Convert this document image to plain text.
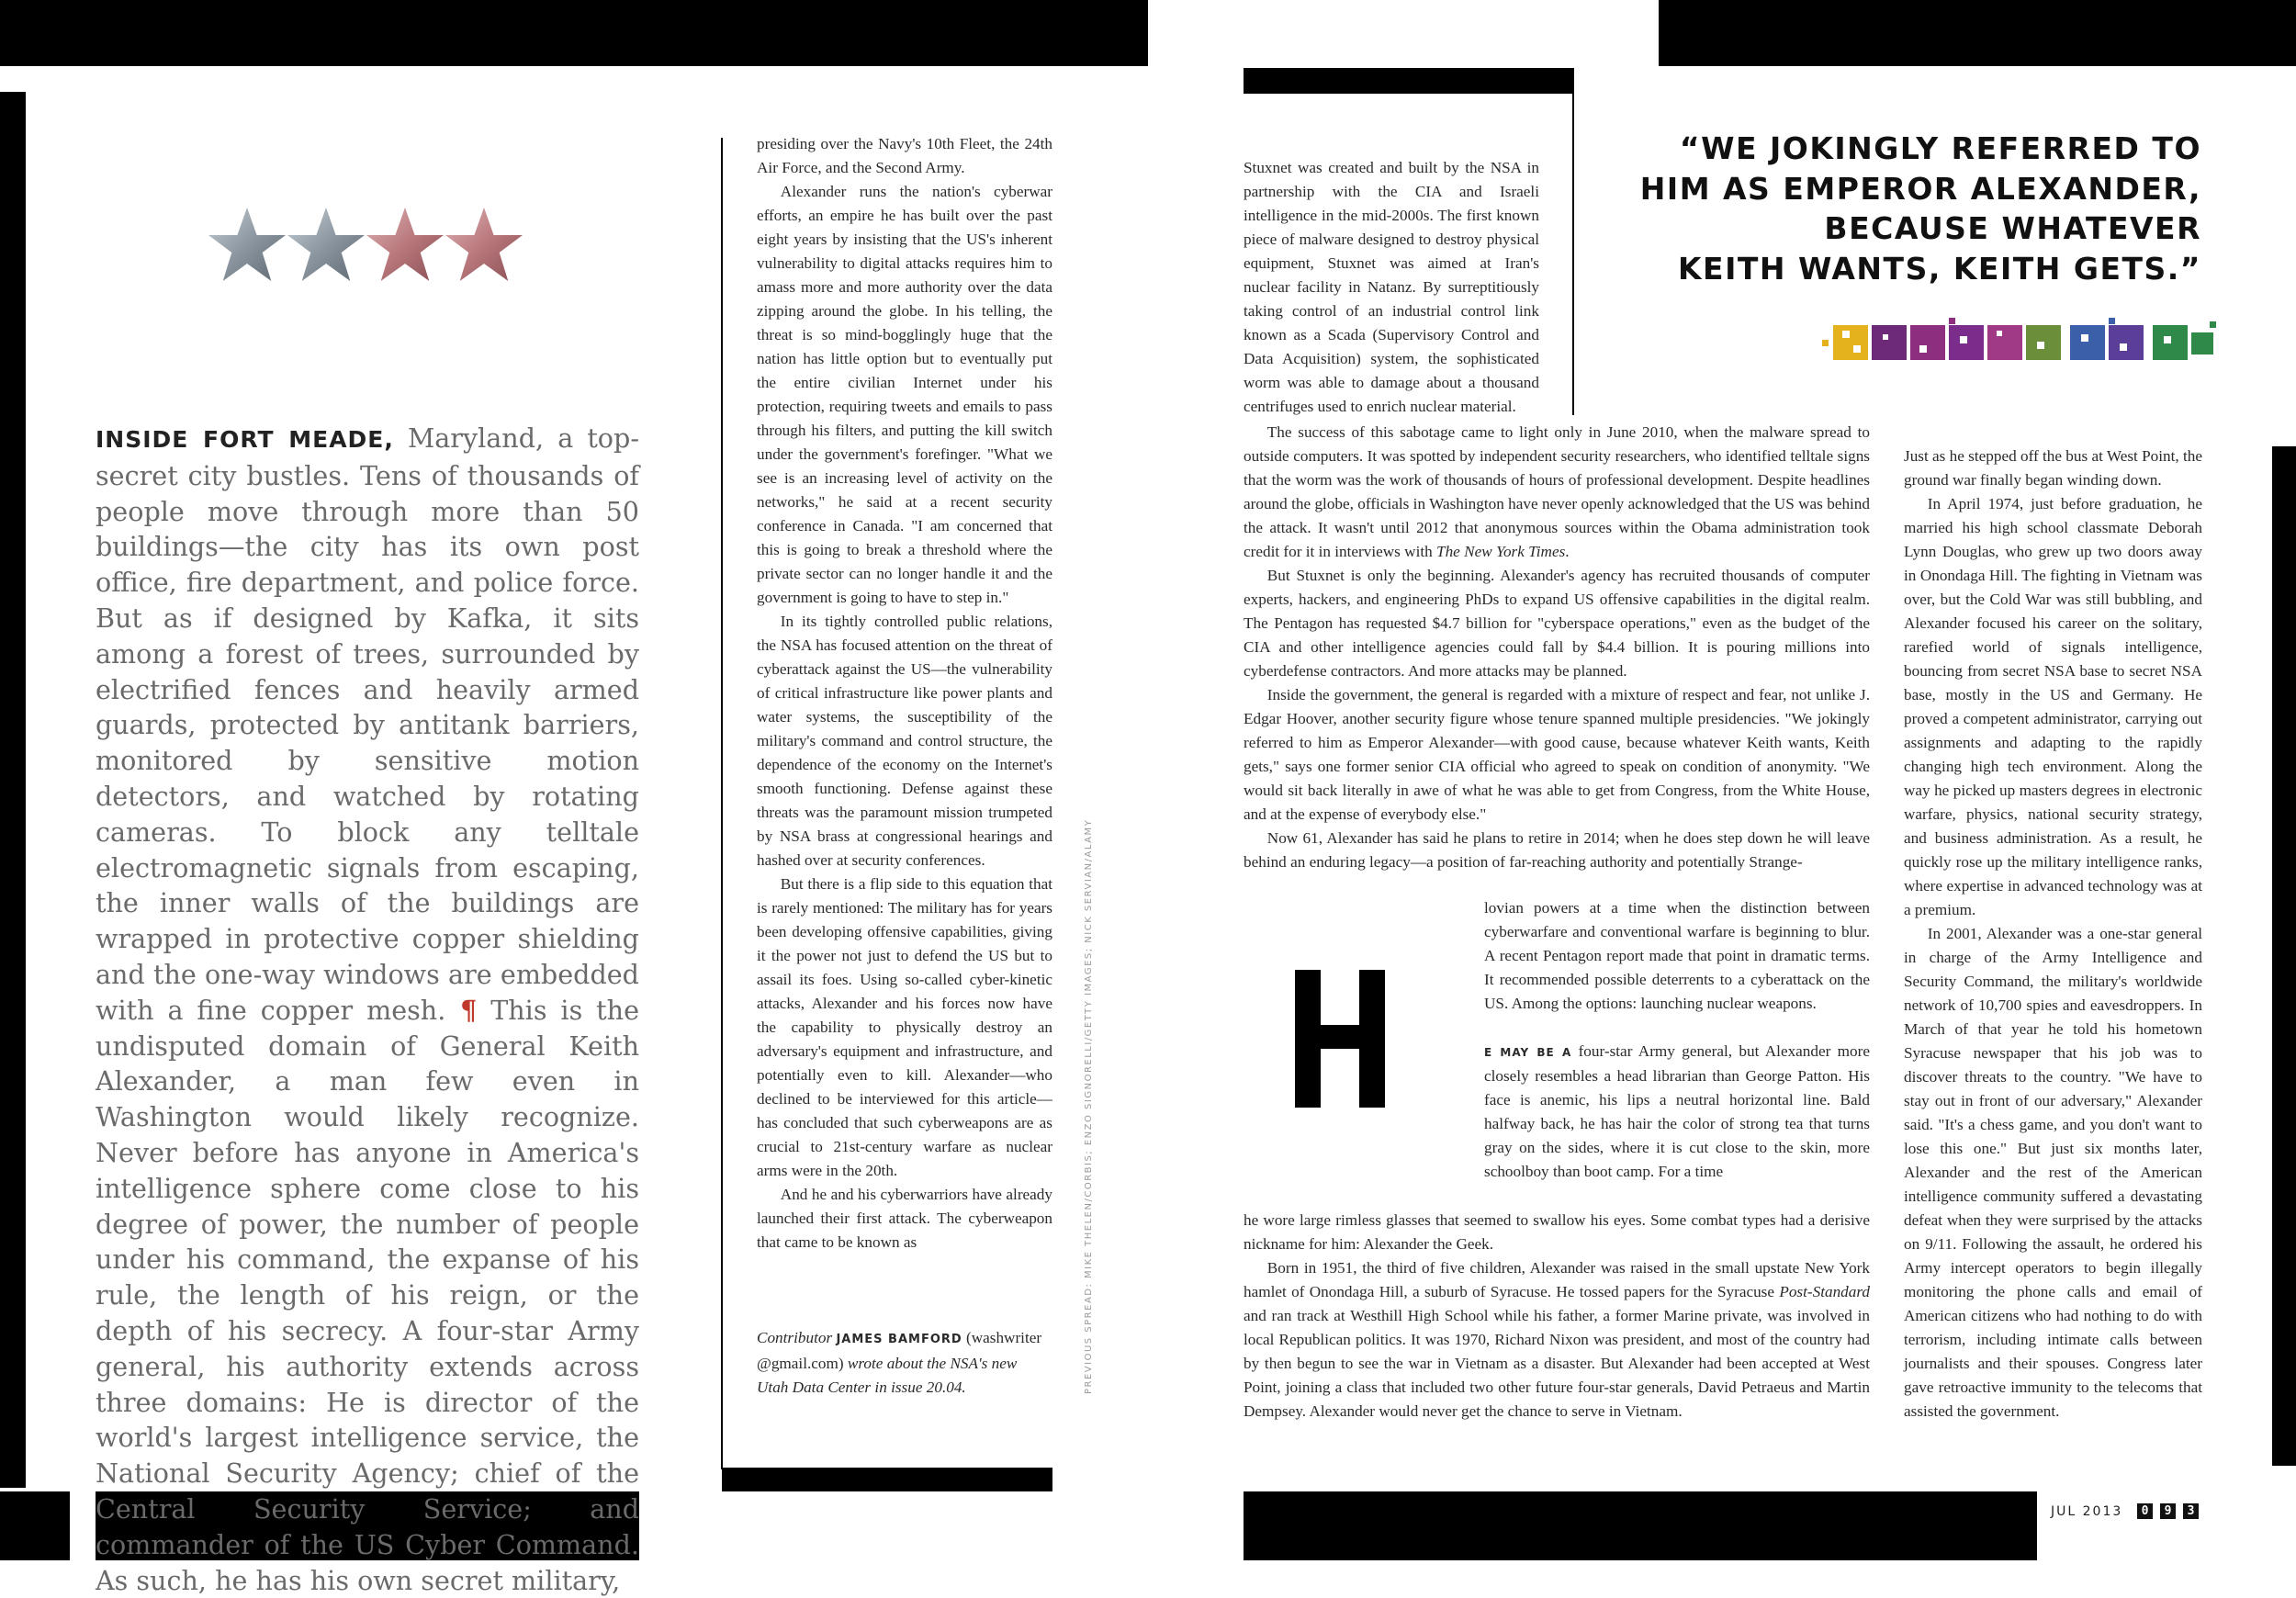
INSIDE FORT MEADE, Maryland, a top-secret city bustles. Tens of thousands of people move through more than 50 buildings—the city has its own post office, fire department, and police force. But as if designed by Kafka, it sits among a forest of trees, surrounded by electrified fences and heavily armed guards, protected by antitank barriers, monitored by sensitive motion detectors, and watched by rotating cameras. To block any telltale electromagnetic signals from escaping, the inner walls of the buildings are wrapped in protective copper shielding and the one-way windows are embedded with a fine copper mesh. ¶ This is the undisputed domain of General Keith Alexander, a man few even in Washington would likely recognize. Never before has anyone in America's intelligence sphere come close to his degree of power, the number of people under his command, the expanse of his rule, the length of his reign, or the depth of his secrecy. A four-star Army general, his authority extends across three domains: He is director of the world's largest intelligence service, the National Security Agency; chief of the Central Security Service; and commander of the US Cyber Command. As such, he has his own secret military,

presiding over the Navy's 10th Fleet, the 24th Air Force, and the Second Army.

Alexander runs the nation's cyberwar efforts, an empire he has built over the past eight years by insisting that the US's inherent vulnerability to digital attacks requires him to amass more and more authority over the data zipping around the globe. In his telling, the threat is so mind-bogglingly huge that the nation has little option but to eventually put the entire civilian Internet under his protection, requiring tweets and emails to pass through his filters, and putting the kill switch under the government's forefinger. "What we see is an increasing level of activity on the networks," he said at a recent security conference in Canada. "I am concerned that this is going to break a threshold where the private sector can no longer handle it and the government is going to have to step in."

In its tightly controlled public relations, the NSA has focused attention on the threat of cyberattack against the US—the vulnerability of critical infrastructure like power plants and water systems, the susceptibility of the military's command and control structure, the dependence of the economy on the Internet's smooth functioning. Defense against these threats was the paramount mission trumpeted by NSA brass at congressional hearings and hashed over at security conferences.

But there is a flip side to this equation that is rarely mentioned: The military has for years been developing offensive capabilities, giving it the power not just to defend the US but to assail its foes. Using so-called cyber-kinetic attacks, Alexander and his forces now have the capability to physically destroy an adversary's equipment and infrastructure, and potentially even to kill. Alexander—who declined to be interviewed for this article—has concluded that such cyberweapons are as crucial to 21st-century warfare as nuclear arms were in the 20th.

And he and his cyberwarriors have already launched their first attack. The cyberweapon that came to be known as

Contributor JAMES BAMFORD (washwriter @gmail.com) wrote about the NSA's new Utah Data Center in issue 20.04.	PREVIOUS SPREAD: MIKE THELEN/CORBIS; ENZO SIGNORELLI/GETTY IMAGES; NICK SERVIAN/ALAMY
“WE JOKINGLY REFERRED TO
HIM AS EMPEROR ALEXANDER,
BECAUSE WHATEVER
KEITH WANTS, KEITH GETS.”

Stuxnet was created and built by the NSA in partnership with the CIA and Israeli intelligence in the mid-2000s. The first known piece of malware designed to destroy physical equipment, Stuxnet was aimed at Iran's nuclear facility in Natanz. By surreptitiously taking control of an industrial control link known as a Scada (Supervisory Control and Data Acquisition) system, the sophisticated worm was able to damage about a thousand centrifuges used to enrich nuclear material.

The success of this sabotage came to light only in June 2010, when the malware spread to outside computers. It was spotted by independent security researchers, who identified telltale signs that the worm was the work of thousands of hours of professional development. Despite headlines around the globe, officials in Washington have never openly acknowledged that the US was behind the attack. It wasn't until 2012 that anonymous sources within the Obama administration took credit for it in interviews with The New York Times.

But Stuxnet is only the beginning. Alexander's agency has recruited thousands of computer experts, hackers, and engineering PhDs to expand US offensive capabilities in the digital realm. The Pentagon has requested $4.7 billion for "cyberspace operations," even as the budget of the CIA and other intelligence agencies could fall by $4.4 billion. It is pouring millions into cyberdefense contractors. And more attacks may be planned.

Inside the government, the general is regarded with a mixture of respect and fear, not unlike J. Edgar Hoover, another security figure whose tenure spanned multiple presidencies. "We jokingly referred to him as Emperor Alexander—with good cause, because whatever Keith wants, Keith gets," says one former senior CIA official who agreed to speak on condition of anonymity. "We would sit back literally in awe of what he was able to get from Congress, from the White House, and at the expense of everybody else."

Now 61, Alexander has said he plans to retire in 2014; when he does step down he will leave behind an enduring legacy—a position of far-reaching authority and potentially Strange-

lovian powers at a time when the distinction between cyberwarfare and conventional warfare is beginning to blur. A recent Pentagon report made that point in dramatic terms. It recommended possible deterrents to a cyberattack on the US. Among the options: launching nuclear weapons.

E MAY BE A four-star Army general, but Alexander more closely resembles a head librarian than George Patton. His face is anemic, his lips a neutral horizontal line. Bald halfway back, he has hair the color of strong tea that turns gray on the sides, where it is cut close to the skin, more schoolboy than boot camp. For a time

he wore large rimless glasses that seemed to swallow his eyes. Some combat types had a derisive nickname for him: Alexander the Geek.

Born in 1951, the third of five children, Alexander was raised in the small upstate New York hamlet of Onondaga Hill, a suburb of Syracuse. He tossed papers for the Syracuse Post-Standard and ran track at Westhill High School while his father, a former Marine private, was involved in local Republican politics. It was 1970, Richard Nixon was president, and most of the country had by then begun to see the war in Vietnam as a disaster. But Alexander had been accepted at West Point, joining a class that included two other future four-star generals, David Petraeus and Martin Dempsey. Alexander would never get the chance to serve in Vietnam.

Just as he stepped off the bus at West Point, the ground war finally began winding down.

In April 1974, just before graduation, he married his high school classmate Deborah Lynn Douglas, who grew up two doors away in Onondaga Hill. The fighting in Vietnam was over, but the Cold War was still bubbling, and Alexander focused his career on the solitary, rarefied world of signals intelligence, bouncing from secret NSA base to secret NSA base, mostly in the US and Germany. He proved a competent administrator, carrying out assignments and adapting to the rapidly changing high tech environment. Along the way he picked up masters degrees in electronic warfare, physics, national security strategy, and business administration. As a result, he quickly rose up the military intelligence ranks, where expertise in advanced technology was at a premium.

In 2001, Alexander was a one-star general in charge of the Army Intelligence and Security Command, the military's worldwide network of 10,700 spies and eavesdroppers. In March of that year he told his hometown Syracuse newspaper that his job was to discover threats to the country. "We have to stay out in front of our adversary," Alexander said. "It's a chess game, and you don't want to lose this one." But just six months later, Alexander and the rest of the American intelligence community suffered a devastating defeat when they were surprised by the attacks on 9/11. Following the assault, he ordered his Army intercept operators to begin illegally monitoring the phone calls and email of American citizens who had nothing to do with terrorism, including intimate calls between journalists and their spouses. Congress later gave retroactive immunity to the telecoms that assisted the government.

JUL 2013	0	9	3
